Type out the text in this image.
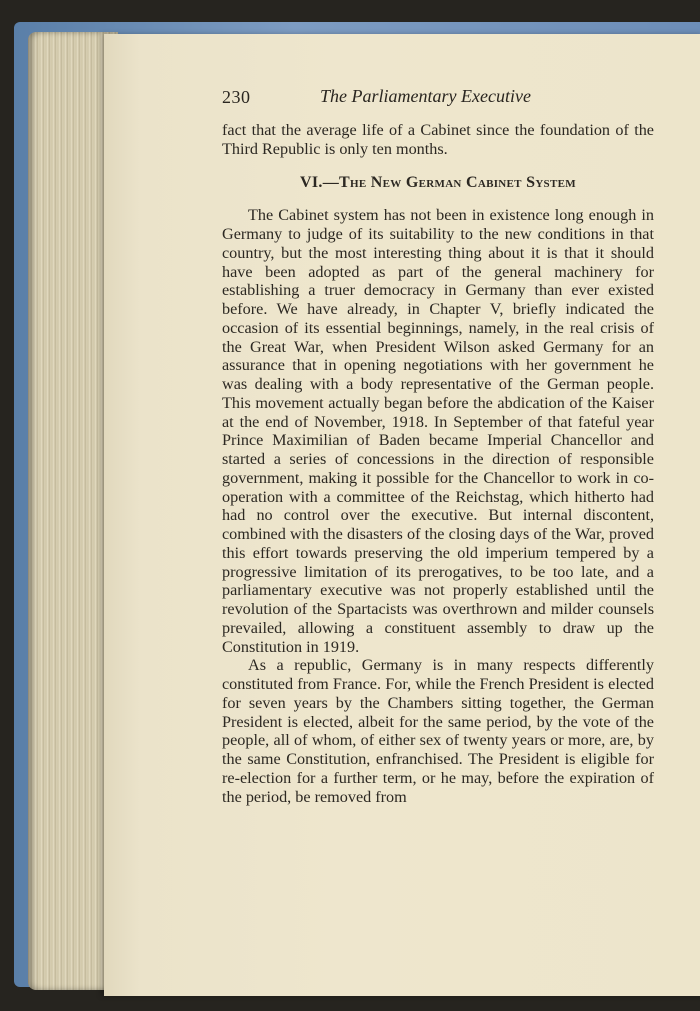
230	The Parliamentary Executive

fact that the average life of a Cabinet since the foundation of the Third Republic is only ten months.

VI.—The New German Cabinet System

The Cabinet system has not been in existence long enough in Germany to judge of its suitability to the new conditions in that country, but the most interesting thing about it is that it should have been adopted as part of the general machinery for establishing a truer democracy in Germany than ever existed before. We have already, in Chapter V, briefly indicated the occasion of its essential beginnings, namely, in the real crisis of the Great War, when President Wilson asked Germany for an assurance that in opening negotiations with her government he was dealing with a body representative of the German people. This movement actually began before the abdication of the Kaiser at the end of November, 1918. In September of that fateful year Prince Maximilian of Baden became Imperial Chancellor and started a series of concessions in the direction of responsible government, making it possible for the Chancellor to work in co-operation with a committee of the Reichstag, which hitherto had had no control over the executive. But internal discontent, combined with the disasters of the closing days of the War, proved this effort towards preserving the old imperium tempered by a progressive limitation of its prerogatives, to be too late, and a parliamentary executive was not properly established until the revolution of the Spartacists was overthrown and milder counsels prevailed, allowing a constituent assembly to draw up the Constitution in 1919.

As a republic, Germany is in many respects differently constituted from France. For, while the French President is elected for seven years by the Chambers sitting together, the German President is elected, albeit for the same period, by the vote of the people, all of whom, of either sex of twenty years or more, are, by the same Constitution, enfranchised. The President is eligible for re-election for a further term, or he may, before the expiration of the period, be removed from
